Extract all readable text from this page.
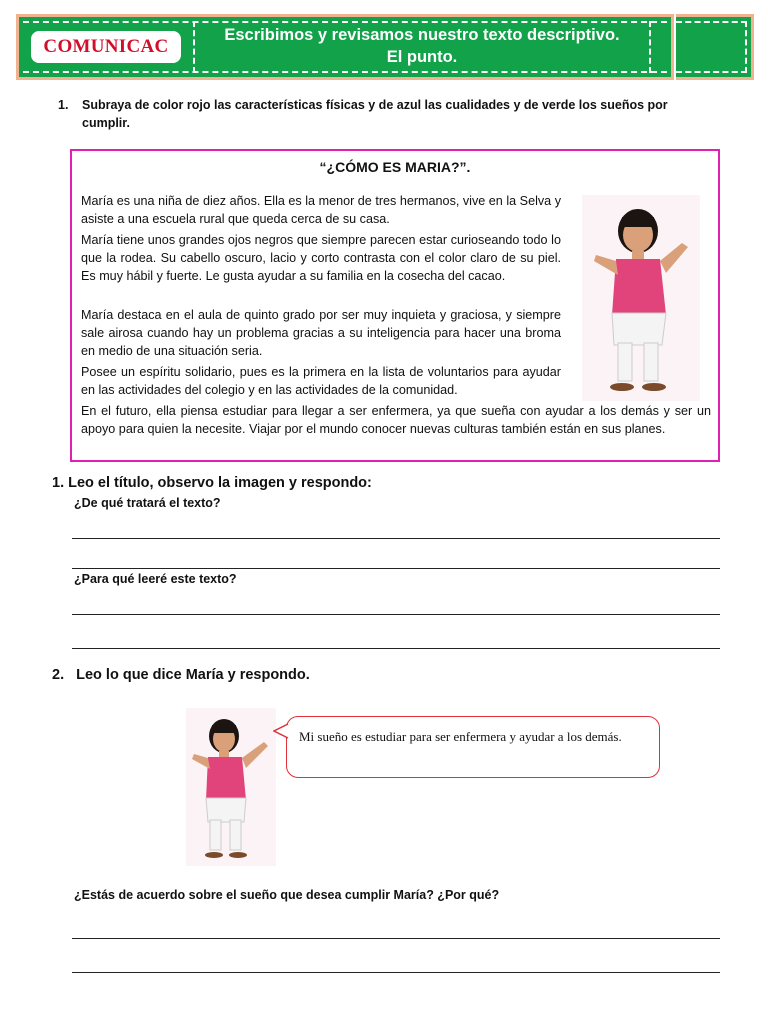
COMUNICAC
Escribimos y revisamos nuestro texto descriptivo.
El punto.
1. Subraya de color rojo las características físicas y de azul las cualidades y de verde los sueños por cumplir.
“¿CÓMO ES MARIA?”.
María es una niña de diez años. Ella es la menor de tres hermanos, vive en la Selva y asiste a una escuela rural que queda cerca de su casa.
María tiene unos grandes ojos negros que siempre parecen estar curioseando todo lo que la rodea. Su cabello oscuro, lacio y corto contrasta con el color claro de su piel. Es muy hábil y fuerte. Le gusta ayudar a su familia en la cosecha del cacao.
María destaca en el aula de quinto grado por ser muy inquieta y graciosa, y siempre sale airosa cuando hay un problema gracias a su inteligencia para hacer una broma en medio de una situación seria.
Posee un espíritu solidario, pues es la primera en la lista de voluntarios para ayudar en las actividades del colegio y en las actividades de la comunidad.
En el futuro, ella piensa estudiar para llegar a ser enfermera, ya que sueña con ayudar a los demás y ser un apoyo para quien la necesite. Viajar por el mundo conocer nuevas culturas también están en sus planes.
1. Leo el título, observo la imagen y respondo:
¿De qué tratará el texto?
¿Para qué leeré este texto?
2. Leo lo que dice María y respondo.
Mi sueño es estudiar para ser enfermera y ayudar a los demás.
¿Estás de acuerdo sobre el sueño que desea cumplir María? ¿Por qué?
